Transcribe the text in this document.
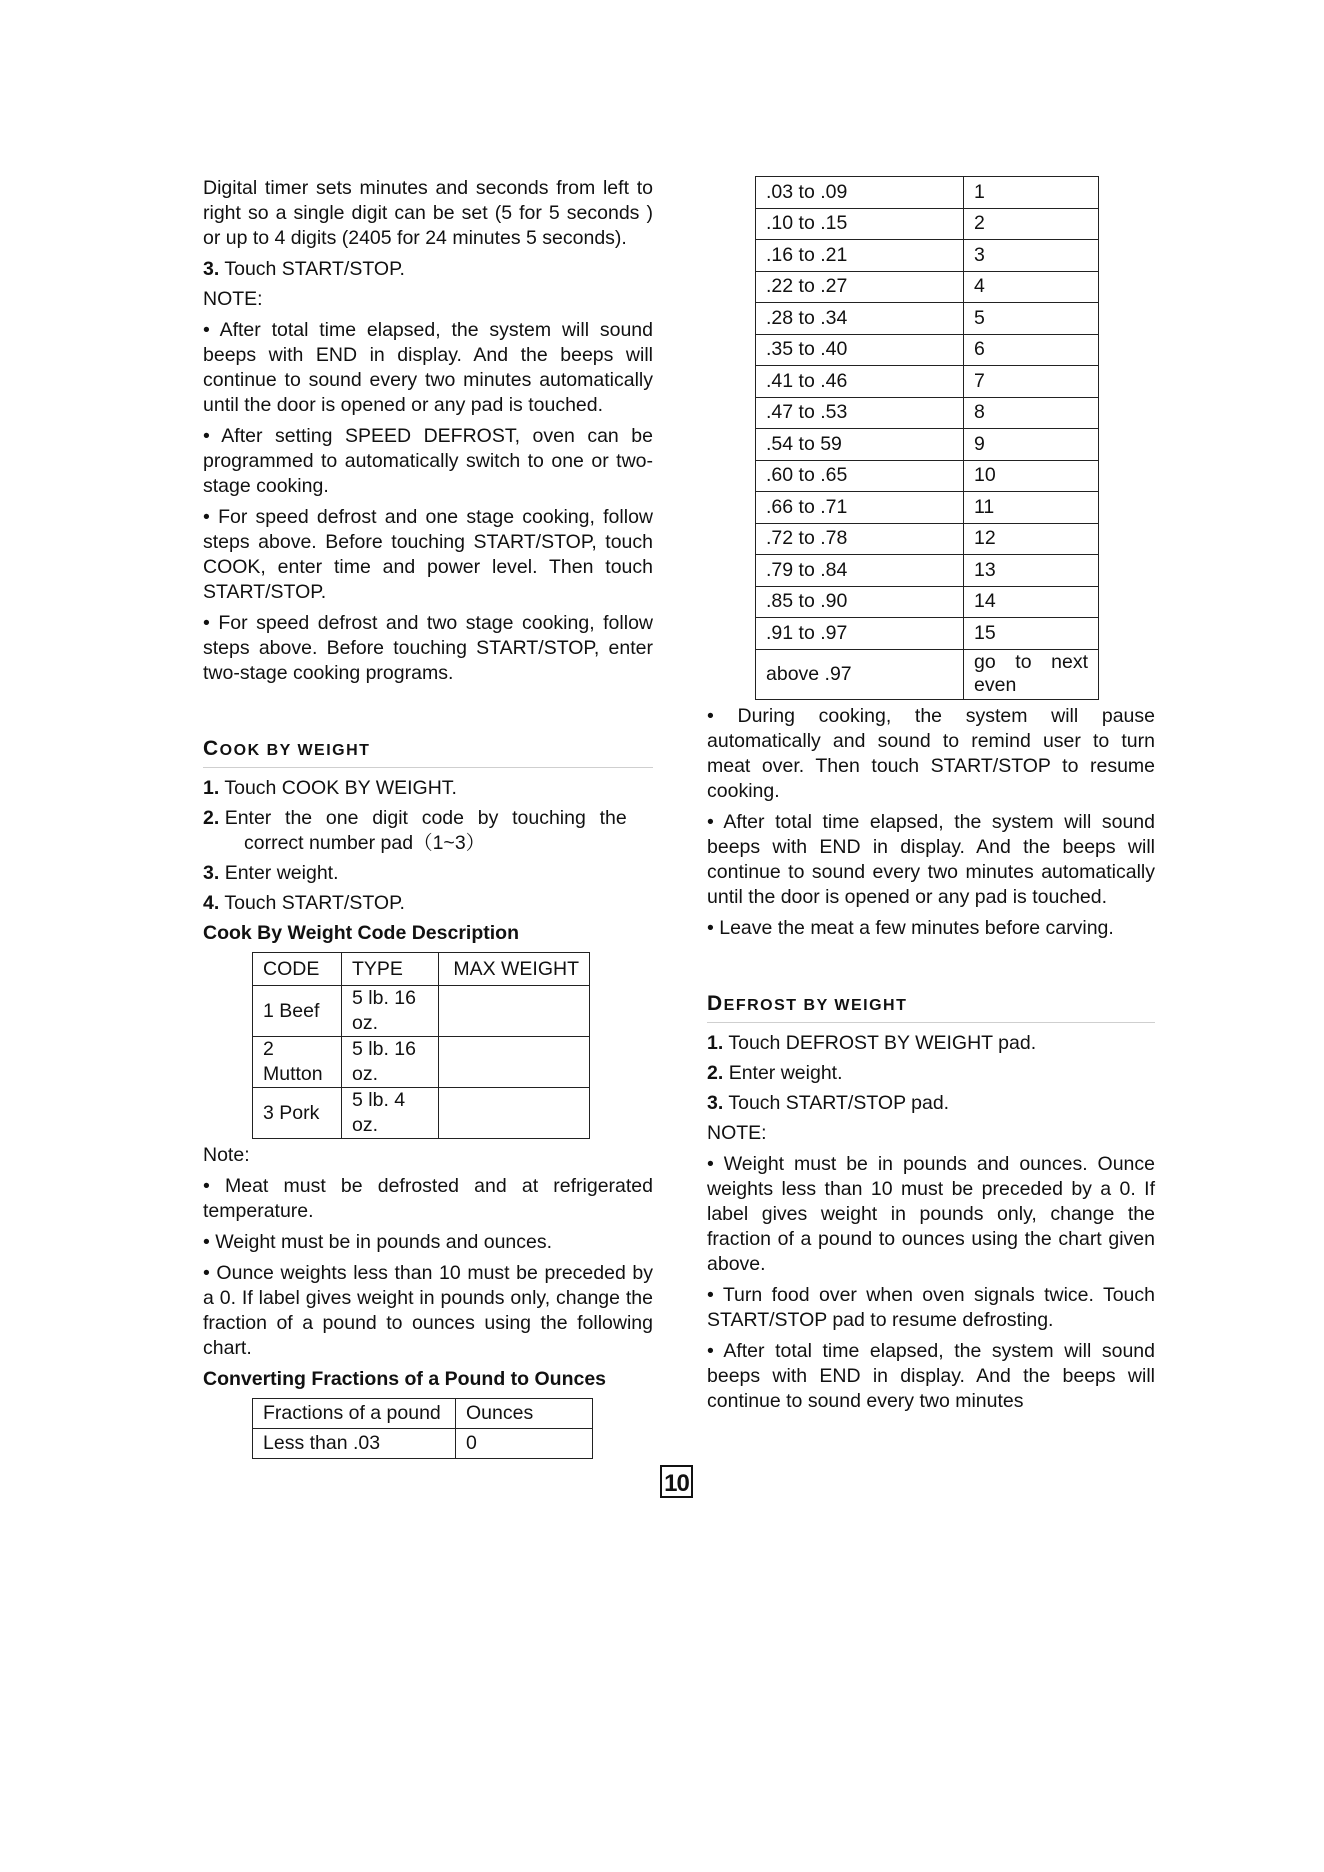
Digital timer sets minutes and seconds from left to right so a single digit can be set (5 for 5 seconds ) or up to 4 digits (2405 for 24 minutes 5 seconds).

3. Touch START/STOP.

NOTE:

• After total time elapsed, the system will sound beeps with END in display. And the beeps will continue to sound every two minutes automatically until the door is opened or any pad is touched.

• After setting SPEED DEFROST, oven can be programmed to automatically switch to one or two-stage cooking.

• For speed defrost and one stage cooking, follow steps above. Before touching START/STOP, touch COOK, enter time and power level. Then touch START/STOP.

• For speed defrost and two stage cooking, follow steps above. Before touching START/STOP, enter two-stage cooking programs.

COOK BY WEIGHT

1. Touch COOK BY WEIGHT.

2. Enter the one digit code by touching the
correct number pad（1~3）

3. Enter weight.

4. Touch START/STOP.

Cook By Weight Code Description

CODE	TYPE	MAX WEIGHT
1 Beef	5 lb. 16 oz.	
2 Mutton	5 lb. 16 oz.	
3 Pork	5 lb. 4 oz.	

Note:

• Meat must be defrosted and at refrigerated temperature.

• Weight must be in pounds and ounces.

• Ounce weights less than 10 must be preceded by a 0. If label gives weight in pounds only, change the fraction of a pound to ounces using the following chart.

Converting Fractions of a Pound to Ounces

Fractions of a pound	Ounces
Less than .03	0
.03 to .09	1
.10 to .15	2
.16 to .21	3
.22 to .27	4
.28 to .34	5
.35 to .40	6
.41 to .46	7
.47 to .53	8
.54 to 59	9
.60 to .65	10
.66 to .71	11
.72 to .78	12
.79 to .84	13
.85 to .90	14
.91 to .97	15
above .97	go to next
even

• During cooking, the system will pause automatically and sound to remind user to turn meat over. Then touch START/STOP to resume cooking.

• After total time elapsed, the system will sound beeps with END in display. And the beeps will continue to sound every two minutes automatically until the door is opened or any pad is touched.

• Leave the meat a few minutes before carving.

DEFROST BY WEIGHT

1. Touch DEFROST BY WEIGHT pad.

2. Enter weight.

3. Touch START/STOP pad.

NOTE:

• Weight must be in pounds and ounces. Ounce weights less than 10 must be preceded by a 0. If label gives weight in pounds only, change the fraction of a pound to ounces using the chart given above.

• Turn food over when oven signals twice. Touch START/STOP pad to resume defrosting.

• After total time elapsed, the system will sound beeps with END in display. And the beeps will continue to sound every two minutes

10
